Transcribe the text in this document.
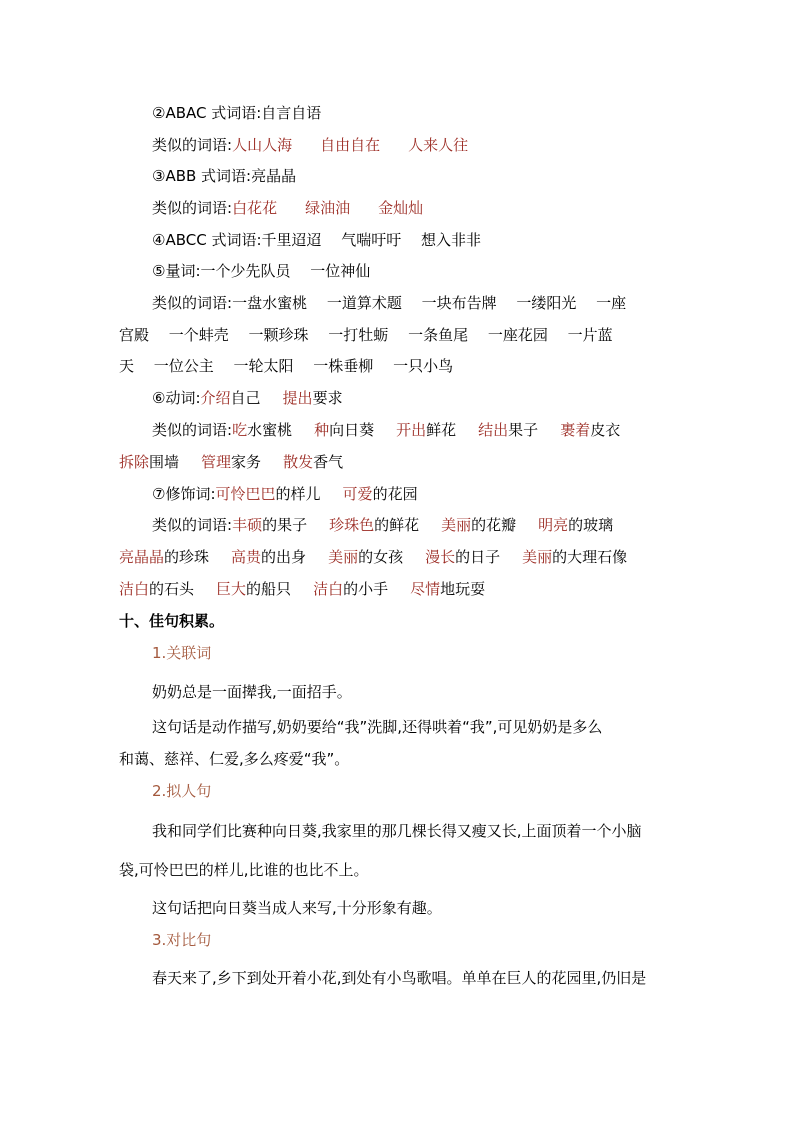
②ABAC 式词语:自言自语
类似的词语:人山人海 自由自在 人来人往
③ABB 式词语:亮晶晶
类似的词语:白花花 绿油油 金灿灿
④ABCC 式词语:千里迢迢　 气喘吁吁　 想入非非
⑤量词:一个少先队员　 一位神仙
类似的词语:一盘水蜜桃　 一道算术题　 一块布告牌　 一缕阳光　 一座
宫殿　 一个蚌壳　 一颗珍珠　 一打牡蛎　 一条鱼尾　 一座花园　 一片蓝
天　 一位公主　 一轮太阳　 一株垂柳　 一只小鸟
⑥动词:介绍自己 提出要求
类似的词语:吃水蜜桃 种向日葵 开出鲜花 结出果子 裹着皮衣
拆除围墙 管理家务 散发香气
⑦修饰词:可怜巴巴的样儿 可爱的花园
类似的词语:丰硕的果子 珍珠色的鲜花 美丽的花瓣 明亮的玻璃
亮晶晶的珍珠 高贵的出身 美丽的女孩 漫长的日子 美丽的大理石像
洁白的石头 巨大的船只 洁白的小手 尽情地玩耍
十、佳句积累。
1.关联词
奶奶总是一面撵我,一面招手。
这句话是动作描写,奶奶要给“我”洗脚,还得哄着“我”,可见奶奶是多么
和蔼、慈祥、仁爱,多么疼爱“我”。
2.拟人句
我和同学们比赛种向日葵,我家里的那几棵长得又瘦又长,上面顶着一个小脑
袋,可怜巴巴的样儿,比谁的也比不上。
这句话把向日葵当成人来写,十分形象有趣。
3.对比句
春天来了,乡下到处开着小花,到处有小鸟歌唱。单单在巨人的花园里,仍旧是
